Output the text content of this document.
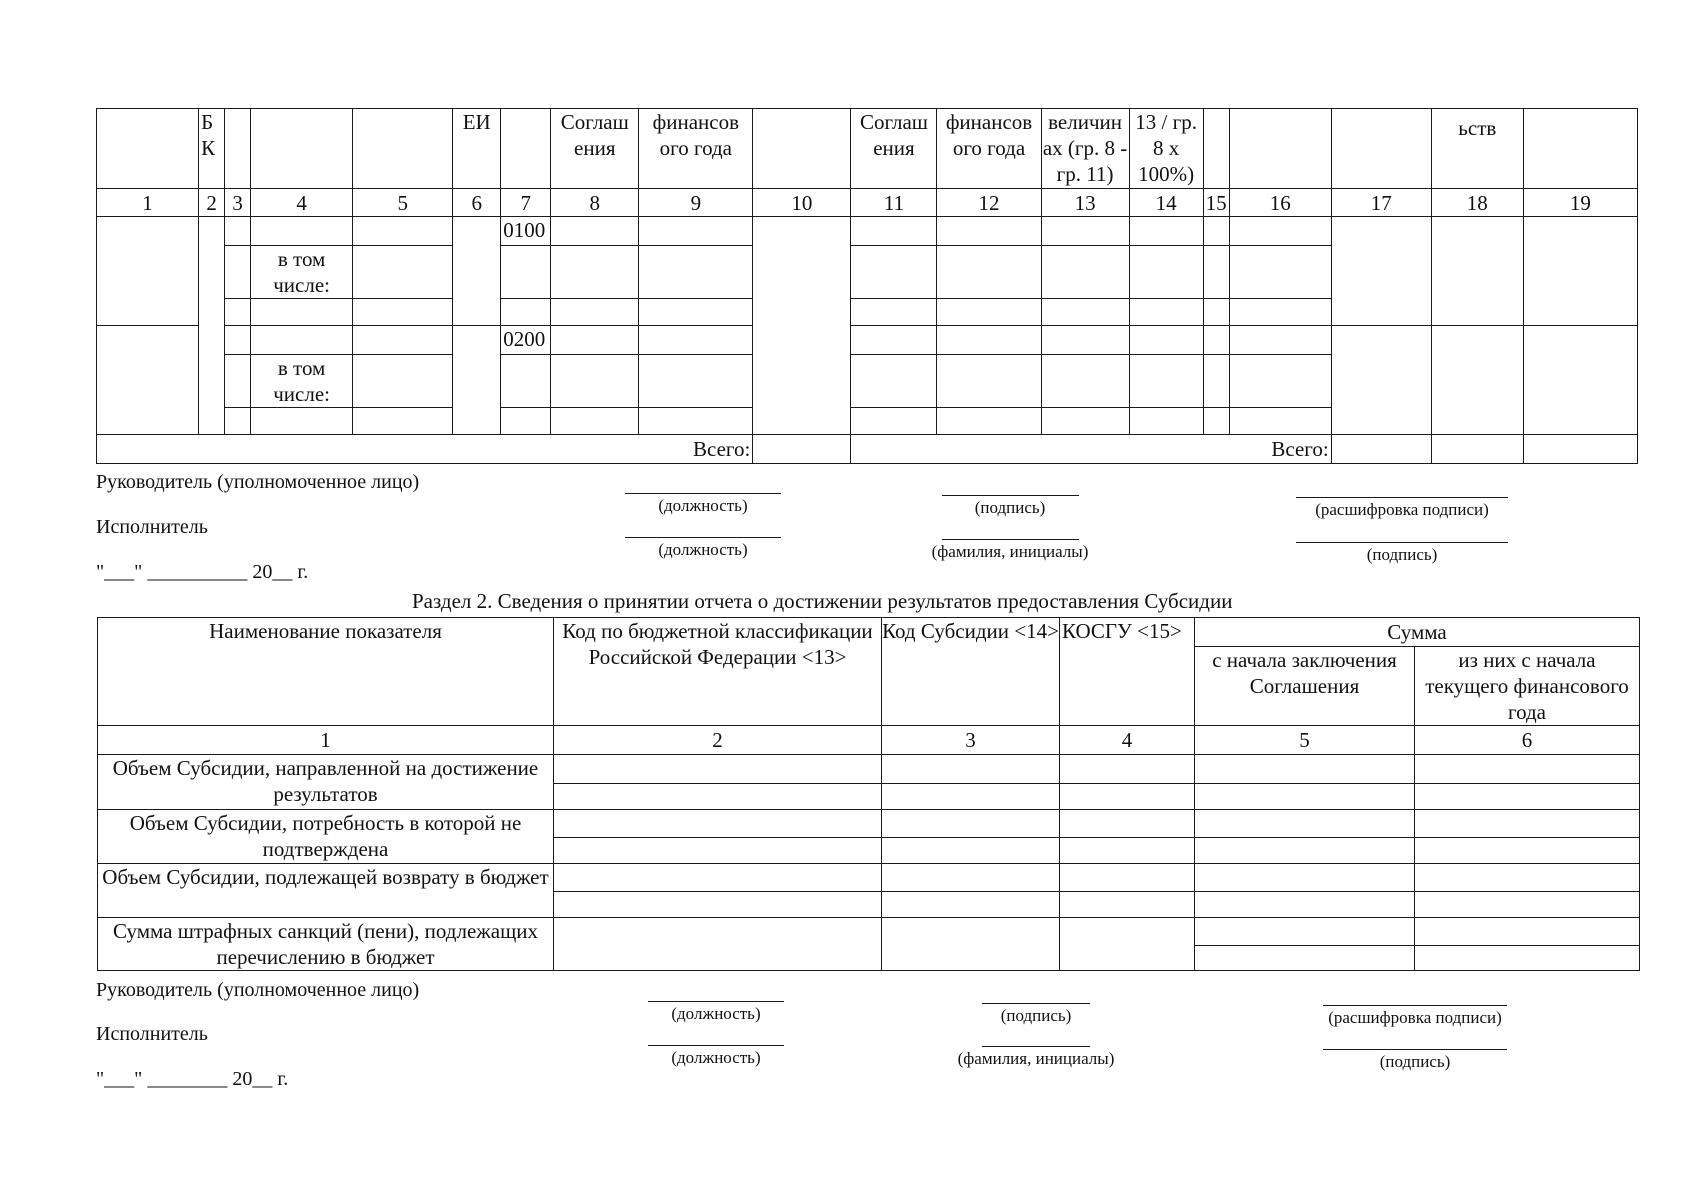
	Б К				ЕИ		Соглаш ения	финансов ого года		Соглаш ения	финансов ого года	величин ах (гр. 8 - гр. 11)	13 / гр. 8 x 100%)				ьств	
1	2	3	4	5	6	7	8	9	10	11	12	13	14	15	16	17	18	19
						0100												
			в том числе:															

						0200												
			в том числе:															

Всего:										Всего:								
Руководитель (уполномоченное лицо)
Исполнитель
"___" __________ 20__ г.
(должность)	(подпись)	(расшифровка подписи)
(должность)	(фамилия, инициалы)	(подпись)
Раздел 2. Сведения о принятии отчета о достижении результатов предоставления Субсидии
Наименование показателя	Код по бюджетной классификации Российской Федерации <13>	Код Субсидии <14>	КОСГУ <15>	Сумма	
				с начала заключения Соглашения	из них с начала текущего финансового года
1	2	3	4	5	6
Объем Субсидии, направленной на достижение результатов					

Объем Субсидии, потребность в которой не подтверждена					

Объем Субсидии, подлежащей возврату в бюджет					

Сумма штрафных санкций (пени), подлежащих перечислению в бюджет					

Руководитель (уполномоченное лицо)
Исполнитель
"___" ________ 20__ г.
(должность)	(подпись)	(расшифровка подписи)
(должность)	(фамилия, инициалы)	(подпись)
